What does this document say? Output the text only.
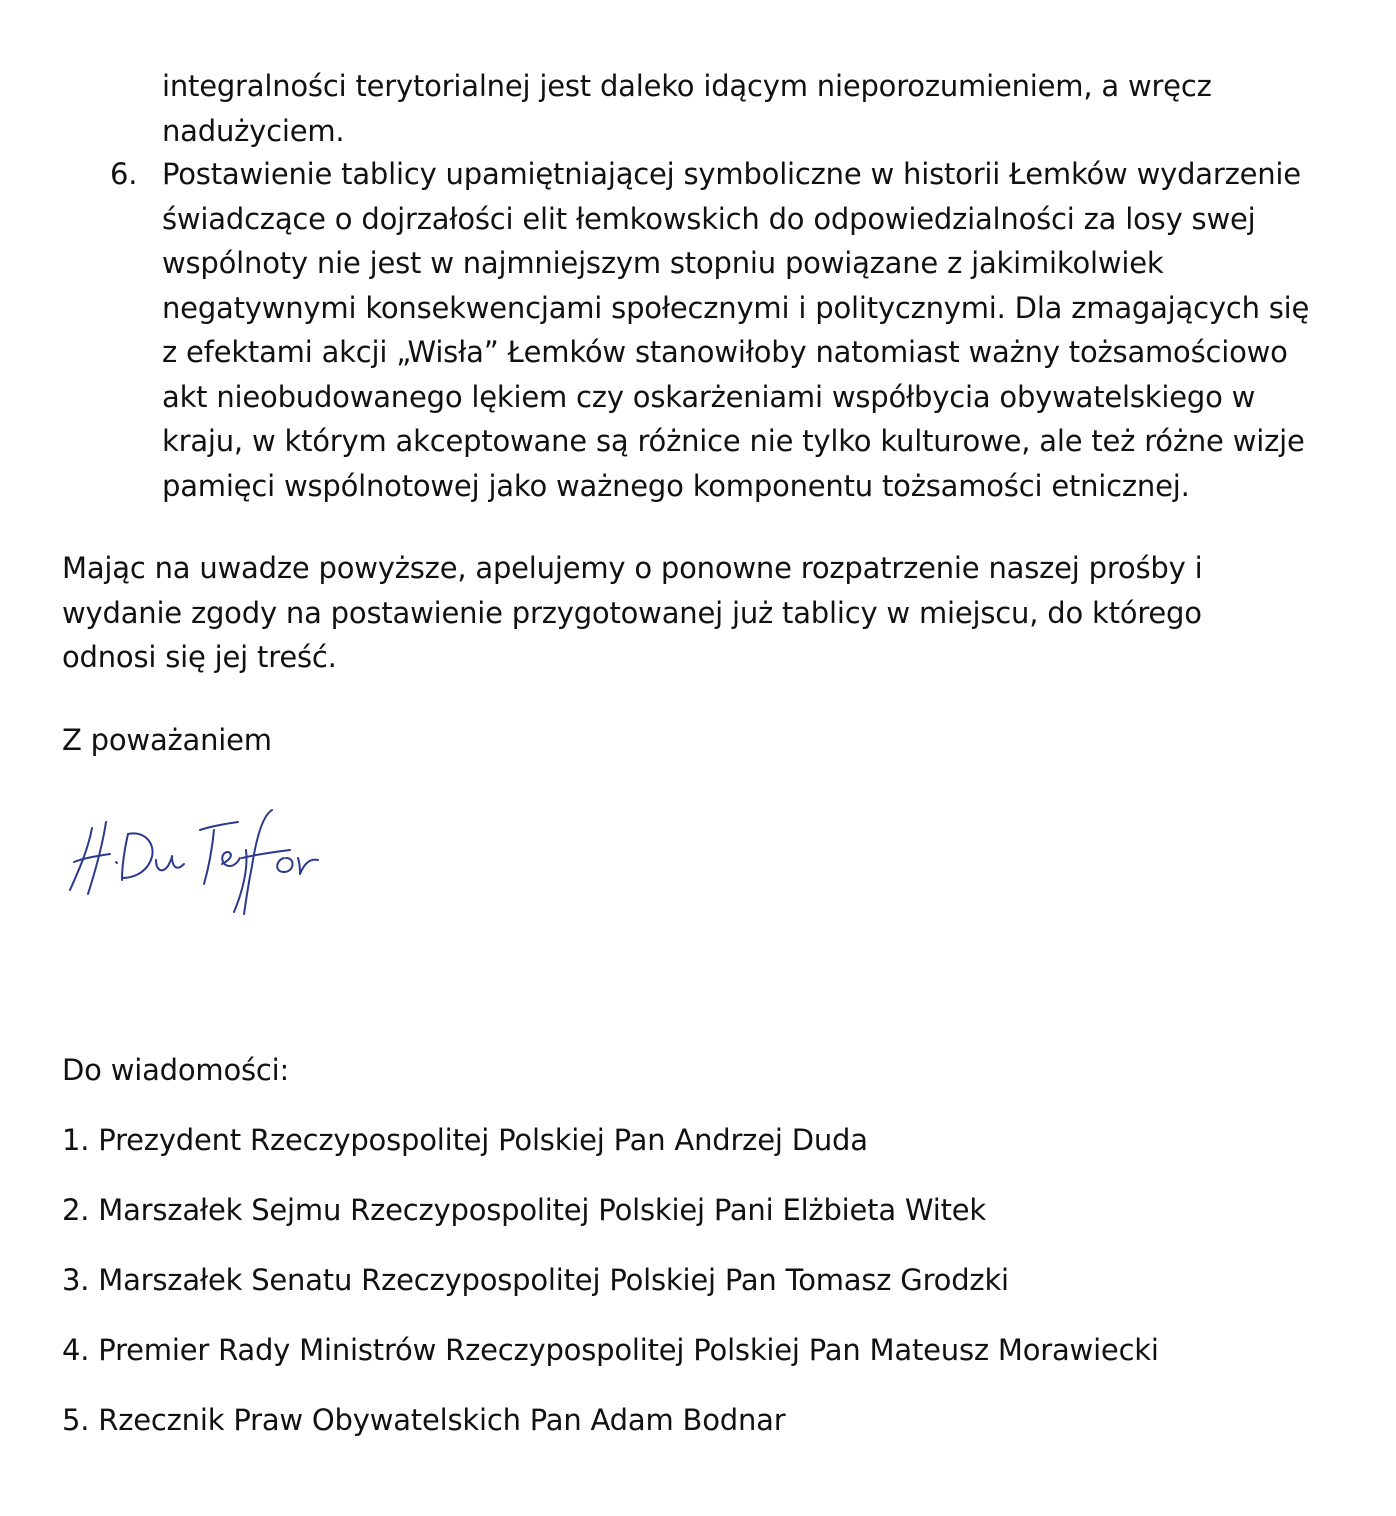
integralności terytorialnej jest daleko idącym nieporozumieniem, a wręcz
nadużyciem.
6. Postawienie tablicy upamiętniającej symboliczne w historii Łemków wydarzenie
świadczące o dojrzałości elit łemkowskich do odpowiedzialności za losy swej
wspólnoty nie jest w najmniejszym stopniu powiązane z jakimikolwiek
negatywnymi konsekwencjami społecznymi i politycznymi. Dla zmagających się
z efektami akcji „Wisła” Łemków stanowiłoby natomiast ważny tożsamościowo
akt nieobudowanego lękiem czy oskarżeniami współbycia obywatelskiego w
kraju, w którym akceptowane są różnice nie tylko kulturowe, ale też różne wizje
pamięci wspólnotowej jako ważnego komponentu tożsamości etnicznej.
Mając na uwadze powyższe, apelujemy o ponowne rozpatrzenie naszej prośby i
wydanie zgody na postawienie przygotowanej już tablicy w miejscu, do którego
odnosi się jej treść.
Z poważaniem
Do wiadomości:
1. Prezydent Rzeczypospolitej Polskiej Pan Andrzej Duda
2. Marszałek Sejmu Rzeczypospolitej Polskiej Pani Elżbieta Witek
3. Marszałek Senatu Rzeczypospolitej Polskiej Pan Tomasz Grodzki
4. Premier Rady Ministrów Rzeczypospolitej Polskiej Pan Mateusz Morawiecki
5. Rzecznik Praw Obywatelskich Pan Adam Bodnar
